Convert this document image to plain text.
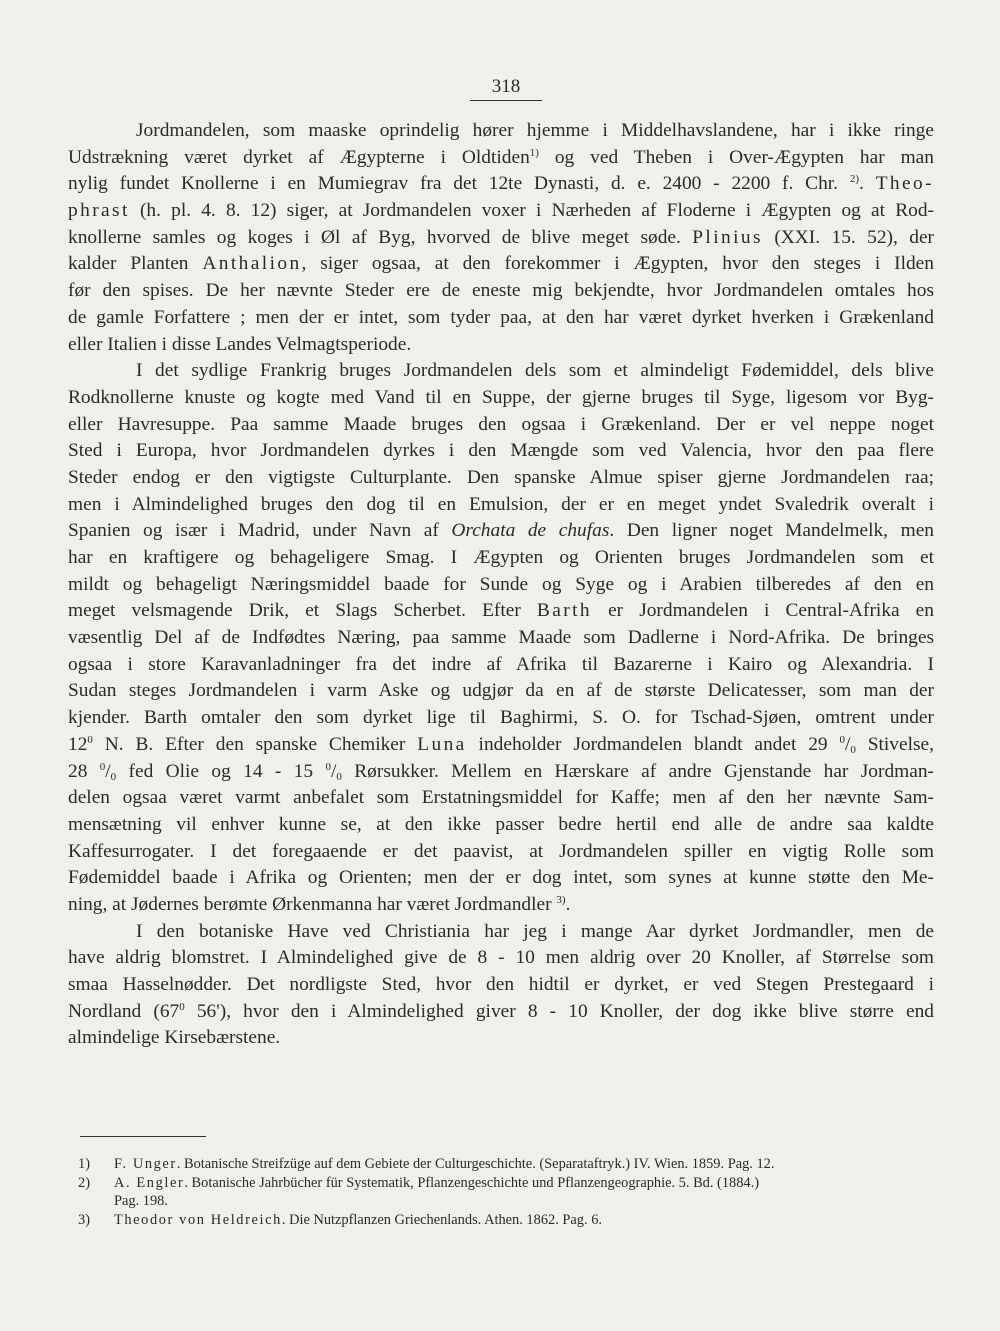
318
Jordmandelen, som maaske oprindelig hører hjemme i Middelhavslandene, har i ikke ringe
Udstrækning været dyrket af Ægypterne i Oldtiden$^{1)}$ og ved Theben i Over-Ægypten har man
nylig fundet Knollerne i en Mumiegrav fra det 12te Dynasti, d. e. 2400 - 2200 f. Chr. $^{2)}$. Theo-
phrast (h. pl. 4. 8. 12) siger, at Jordmandelen voxer i Nærheden af Floderne i Ægypten og at Rod-
knollerne samles og koges i Øl af Byg, hvorved de blive meget søde. Plinius (XXI. 15. 52), der
kalder Planten Anthalion, siger ogsaa, at den forekommer i Ægypten, hvor den steges i Ilden
før den spises. De her nævnte Steder ere de eneste mig bekjendte, hvor Jordmandelen omtales hos
de gamle Forfattere ; men der er intet, som tyder paa, at den har været dyrket hverken i Grækenland
eller Italien i disse Landes Velmagtsperiode.
I det sydlige Frankrig bruges Jordmandelen dels som et almindeligt Fødemiddel, dels blive
Rodknollerne knuste og kogte med Vand til en Suppe, der gjerne bruges til Syge, ligesom vor Byg-
eller Havresuppe. Paa samme Maade bruges den ogsaa i Grækenland. Der er vel neppe noget
Sted i Europa, hvor Jordmandelen dyrkes i den Mængde som ved Valencia, hvor den paa flere
Steder endog er den vigtigste Culturplante. Den spanske Almue spiser gjerne Jordmandelen raa;
men i Almindelighed bruges den dog til en Emulsion, der er en meget yndet Svaledrik overalt i
Spanien og især i Madrid, under Navn af Orchata de chufas. Den ligner noget Mandelmelk, men
har en kraftigere og behageligere Smag. I Ægypten og Orienten bruges Jordmandelen som et
mildt og behageligt Næringsmiddel baade for Sunde og Syge og i Arabien tilberedes af den en
meget velsmagende Drik, et Slags Scherbet. Efter Barth er Jordmandelen i Central-Afrika en
væsentlig Del af de Indfødtes Næring, paa samme Maade som Dadlerne i Nord-Afrika. De bringes
ogsaa i store Karavanladninger fra det indre af Afrika til Bazarerne i Kairo og Alexandria. I
Sudan steges Jordmandelen i varm Aske og udgjør da en af de største Delicatesser, som man der
kjender. Barth omtaler den som dyrket lige til Baghirmi, S. O. for Tschad-Sjøen, omtrent under
$12^0$ N. B. Efter den spanske Chemiker Luna indeholder Jordmandelen blandt andet 29 $^0/_0$ Stivelse,
28 $^0/_0$ fed Olie og 14 - 15 $^0/_0$ Rørsukker. Mellem en Hærskare af andre Gjenstande har Jordman-
delen ogsaa været varmt anbefalet som Erstatningsmiddel for Kaffe; men af den her nævnte Sam-
mensætning vil enhver kunne se, at den ikke passer bedre hertil end alle de andre saa kaldte
Kaffesurrogater. I det foregaaende er det paavist, at Jordmandelen spiller en vigtig Rolle som
Fødemiddel baade i Afrika og Orienten; men der er dog intet, som synes at kunne støtte den Me-
ning, at Jødernes berømte Ørkenmanna har været Jordmandler $^{3)}$.
I den botaniske Have ved Christiania har jeg i mange Aar dyrket Jordmandler, men de
have aldrig blomstret. I Almindelighed give de 8 - 10 men aldrig over 20 Knoller, af Størrelse som
smaa Hasselnødder. Det nordligste Sted, hvor den hidtil er dyrket, er ved Stegen Prestegaard i
Nordland ($67^0$ 56'), hvor den i Almindelighed giver 8 - 10 Knoller, der dog ikke blive større end
almindelige Kirsebærstene.
1)	F. Unger. Botanische Streifzüge auf dem Gebiete der Culturgeschichte. (Separataftryk.) IV. Wien. 1859. Pag. 12.
2)	A. Engler. Botanische Jahrbücher für Systematik, Pflanzengeschichte und Pflanzengeographie. 5. Bd. (1884.)
Pag. 198.
3)	Theodor von Heldreich. Die Nutzpflanzen Griechenlands. Athen. 1862. Pag. 6.
